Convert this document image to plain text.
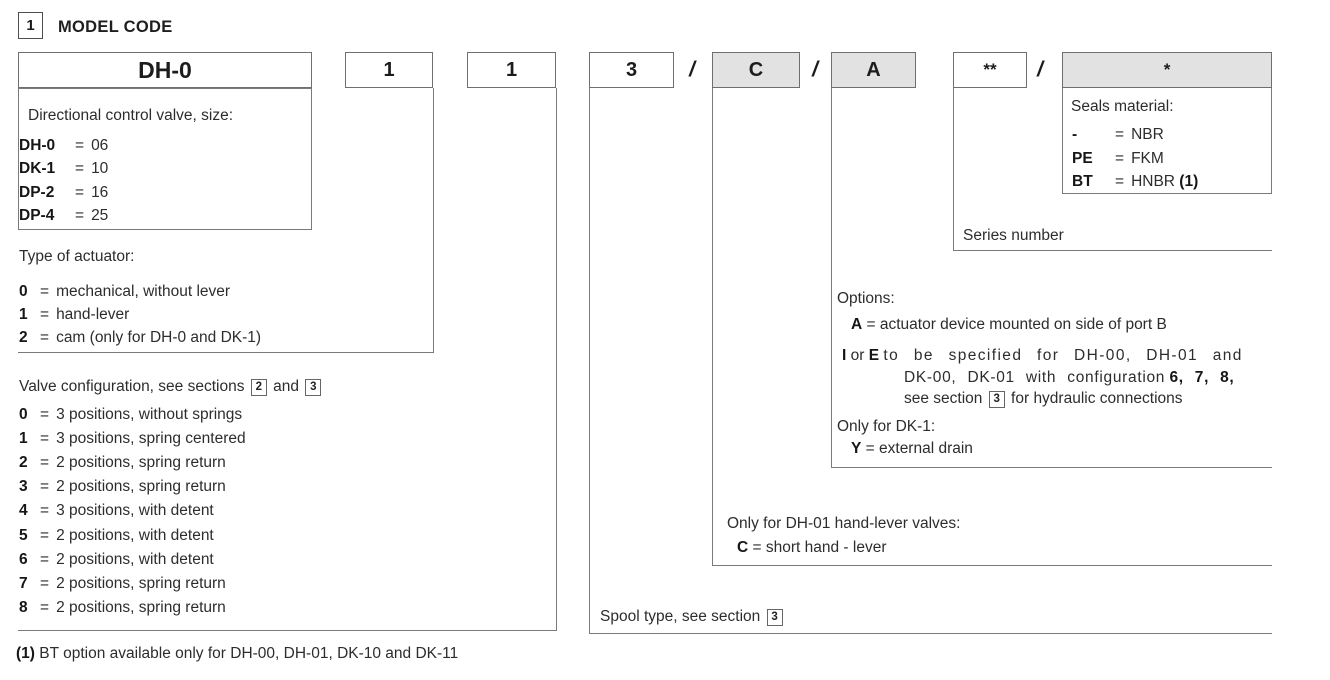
1	MODEL CODE
DH-0	1	1	3	/	C	/	A	**	/	*
Directional control valve, size:
DH-0 = 06
DK-1 = 10
DP-2 = 16
DP-4 = 25
Type of actuator:
0 = mechanical, without lever
1 = hand-lever
2 = cam (only for DH-0 and DK-1)
Valve configuration, see sections 2 and 3
0 = 3 positions, without springs
1 = 3 positions, spring centered
2 = 2 positions, spring return
3 = 2 positions, spring return
4 = 3 positions, with detent
5 = 2 positions, with detent
6 = 2 positions, with detent
7 = 2 positions, spring return
8 = 2 positions, spring return
Spool type, see section 3
Only for DH-01 hand-lever valves:
C = short hand - lever
Options:
A = actuator device mounted on side of port B
I or E to be specified for DH-00, DH-01 and
DK-00, DK-01 with configuration 6, 7, 8,
see section 3 for hydraulic connections
Only for DK-1:
Y = external drain
Series number
Seals material:
- = NBR
PE = FKM
BT = HNBR (1)
(1) BT option available only for DH-00, DH-01, DK-10 and DK-11
